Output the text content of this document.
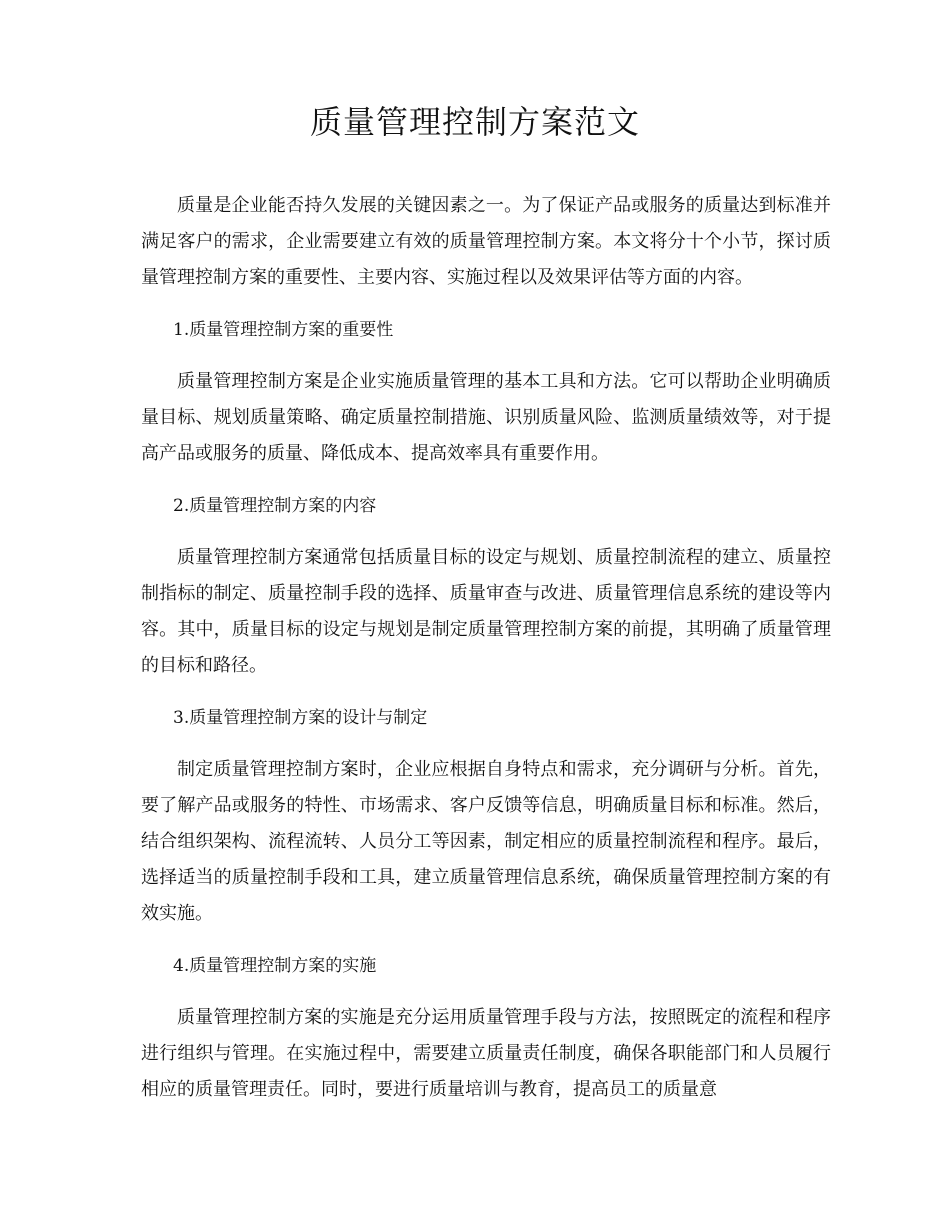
质量管理控制方案范文

质量是企业能否持久发展的关键因素之一。为了保证产品或服务的质量达到标准并满足客户的需求，企业需要建立有效的质量管理控制方案。本文将分十个小节，探讨质量管理控制方案的重要性、主要内容、实施过程以及效果评估等方面的内容。

1.质量管理控制方案的重要性

质量管理控制方案是企业实施质量管理的基本工具和方法。它可以帮助企业明确质量目标、规划质量策略、确定质量控制措施、识别质量风险、监测质量绩效等，对于提高产品或服务的质量、降低成本、提高效率具有重要作用。

2.质量管理控制方案的内容

质量管理控制方案通常包括质量目标的设定与规划、质量控制流程的建立、质量控制指标的制定、质量控制手段的选择、质量审查与改进、质量管理信息系统的建设等内容。其中，质量目标的设定与规划是制定质量管理控制方案的前提，其明确了质量管理的目标和路径。

3.质量管理控制方案的设计与制定

制定质量管理控制方案时，企业应根据自身特点和需求，充分调研与分析。首先，要了解产品或服务的特性、市场需求、客户反馈等信息，明确质量目标和标准。然后，结合组织架构、流程流转、人员分工等因素，制定相应的质量控制流程和程序。最后，选择适当的质量控制手段和工具，建立质量管理信息系统，确保质量管理控制方案的有效实施。

4.质量管理控制方案的实施

质量管理控制方案的实施是充分运用质量管理手段与方法，按照既定的流程和程序进行组织与管理。在实施过程中，需要建立质量责任制度，确保各职能部门和人员履行相应的质量管理责任。同时，要进行质量培训与教育，提高员工的质量意
